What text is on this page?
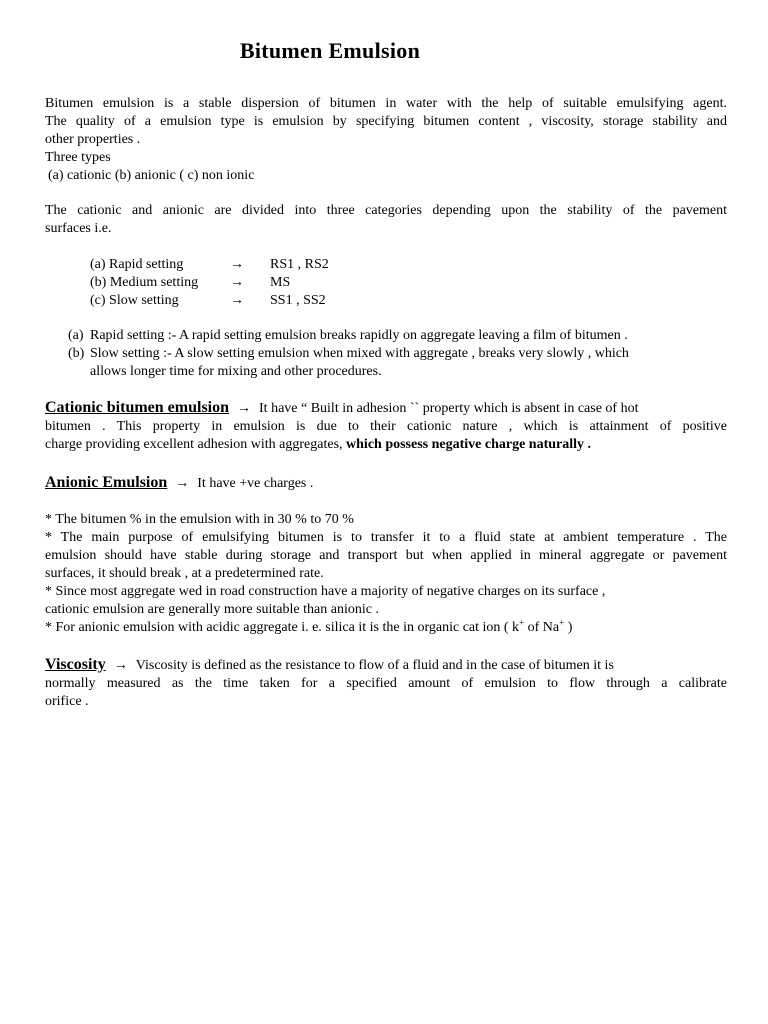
Bitumen Emulsion
Bitumen emulsion is a stable dispersion of bitumen in water with the help of suitable emulsifying agent.
The quality of a emulsion type is emulsion by specifying bitumen content , viscosity, storage stability and
other properties .
Three types
(a) cationic (b) anionic ( c) non ionic
The cationic and anionic are divided into three categories depending upon the stability of the pavement
surfaces i.e.
(a) Rapid setting	→	RS1 , RS2
(b) Medium setting	→	MS
(c) Slow setting	→	SS1 , SS2
(a) Rapid setting :- A rapid setting emulsion breaks rapidly on aggregate leaving a film of bitumen .
(b) Slow setting :- A slow setting emulsion when mixed with aggregate , breaks very slowly , which
allows longer time for mixing and other procedures.
Cationic bitumen emulsion → It have “ Built in adhesion `` property which is absent in case of hot
bitumen . This property in emulsion is due to their cationic nature , which is attainment of positive
charge providing excellent adhesion with aggregates, which possess negative charge naturally .
Anionic Emulsion → It have +ve charges .
* The bitumen % in the emulsion with in 30 % to 70 %
* The main purpose of emulsifying bitumen is to transfer it to a fluid state at ambient temperature . The
emulsion should have stable during storage and transport but when applied in mineral aggregate or pavement
surfaces, it should break , at a predetermined rate.
* Since most aggregate wed in road construction have a majority of negative charges on its surface ,
cationic emulsion are generally more suitable than anionic .
* For anionic emulsion with acidic aggregate i. e. silica it is the in organic cat ion ( k+ of Na+ )
Viscosity → Viscosity is defined as the resistance to flow of a fluid and in the case of bitumen it is
normally measured as the time taken for a specified amount of emulsion to flow through a calibrate
orifice .
